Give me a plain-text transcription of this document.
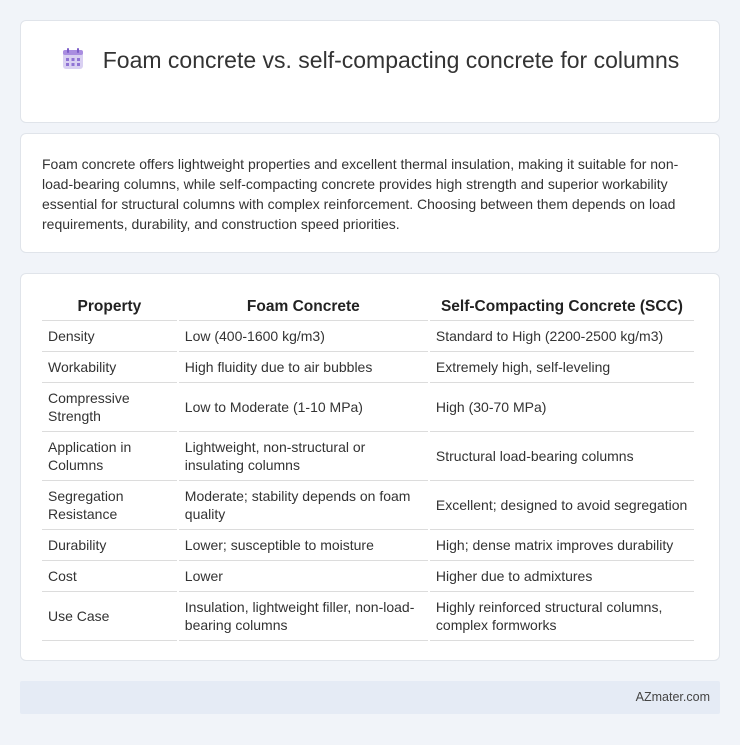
Foam concrete vs. self-compacting concrete for columns

Foam concrete offers lightweight properties and excellent thermal insulation, making it suitable for non-load-bearing columns, while self-compacting concrete provides high strength and superior workability essential for structural columns with complex reinforcement. Choosing between them depends on load requirements, durability, and construction speed priorities.

Property	Foam Concrete	Self-Compacting Concrete (SCC)
Density	Low (400-1600 kg/m3)	Standard to High (2200-2500 kg/m3)
Workability	High fluidity due to air bubbles	Extremely high, self-leveling
Compressive Strength	Low to Moderate (1-10 MPa)	High (30-70 MPa)
Application in Columns	Lightweight, non-structural or insulating columns	Structural load-bearing columns
Segregation Resistance	Moderate; stability depends on foam quality	Excellent; designed to avoid segregation
Durability	Lower; susceptible to moisture	High; dense matrix improves durability
Cost	Lower	Higher due to admixtures
Use Case	Insulation, lightweight filler, non-load-bearing columns	Highly reinforced structural columns, complex formworks
AZmater.com
